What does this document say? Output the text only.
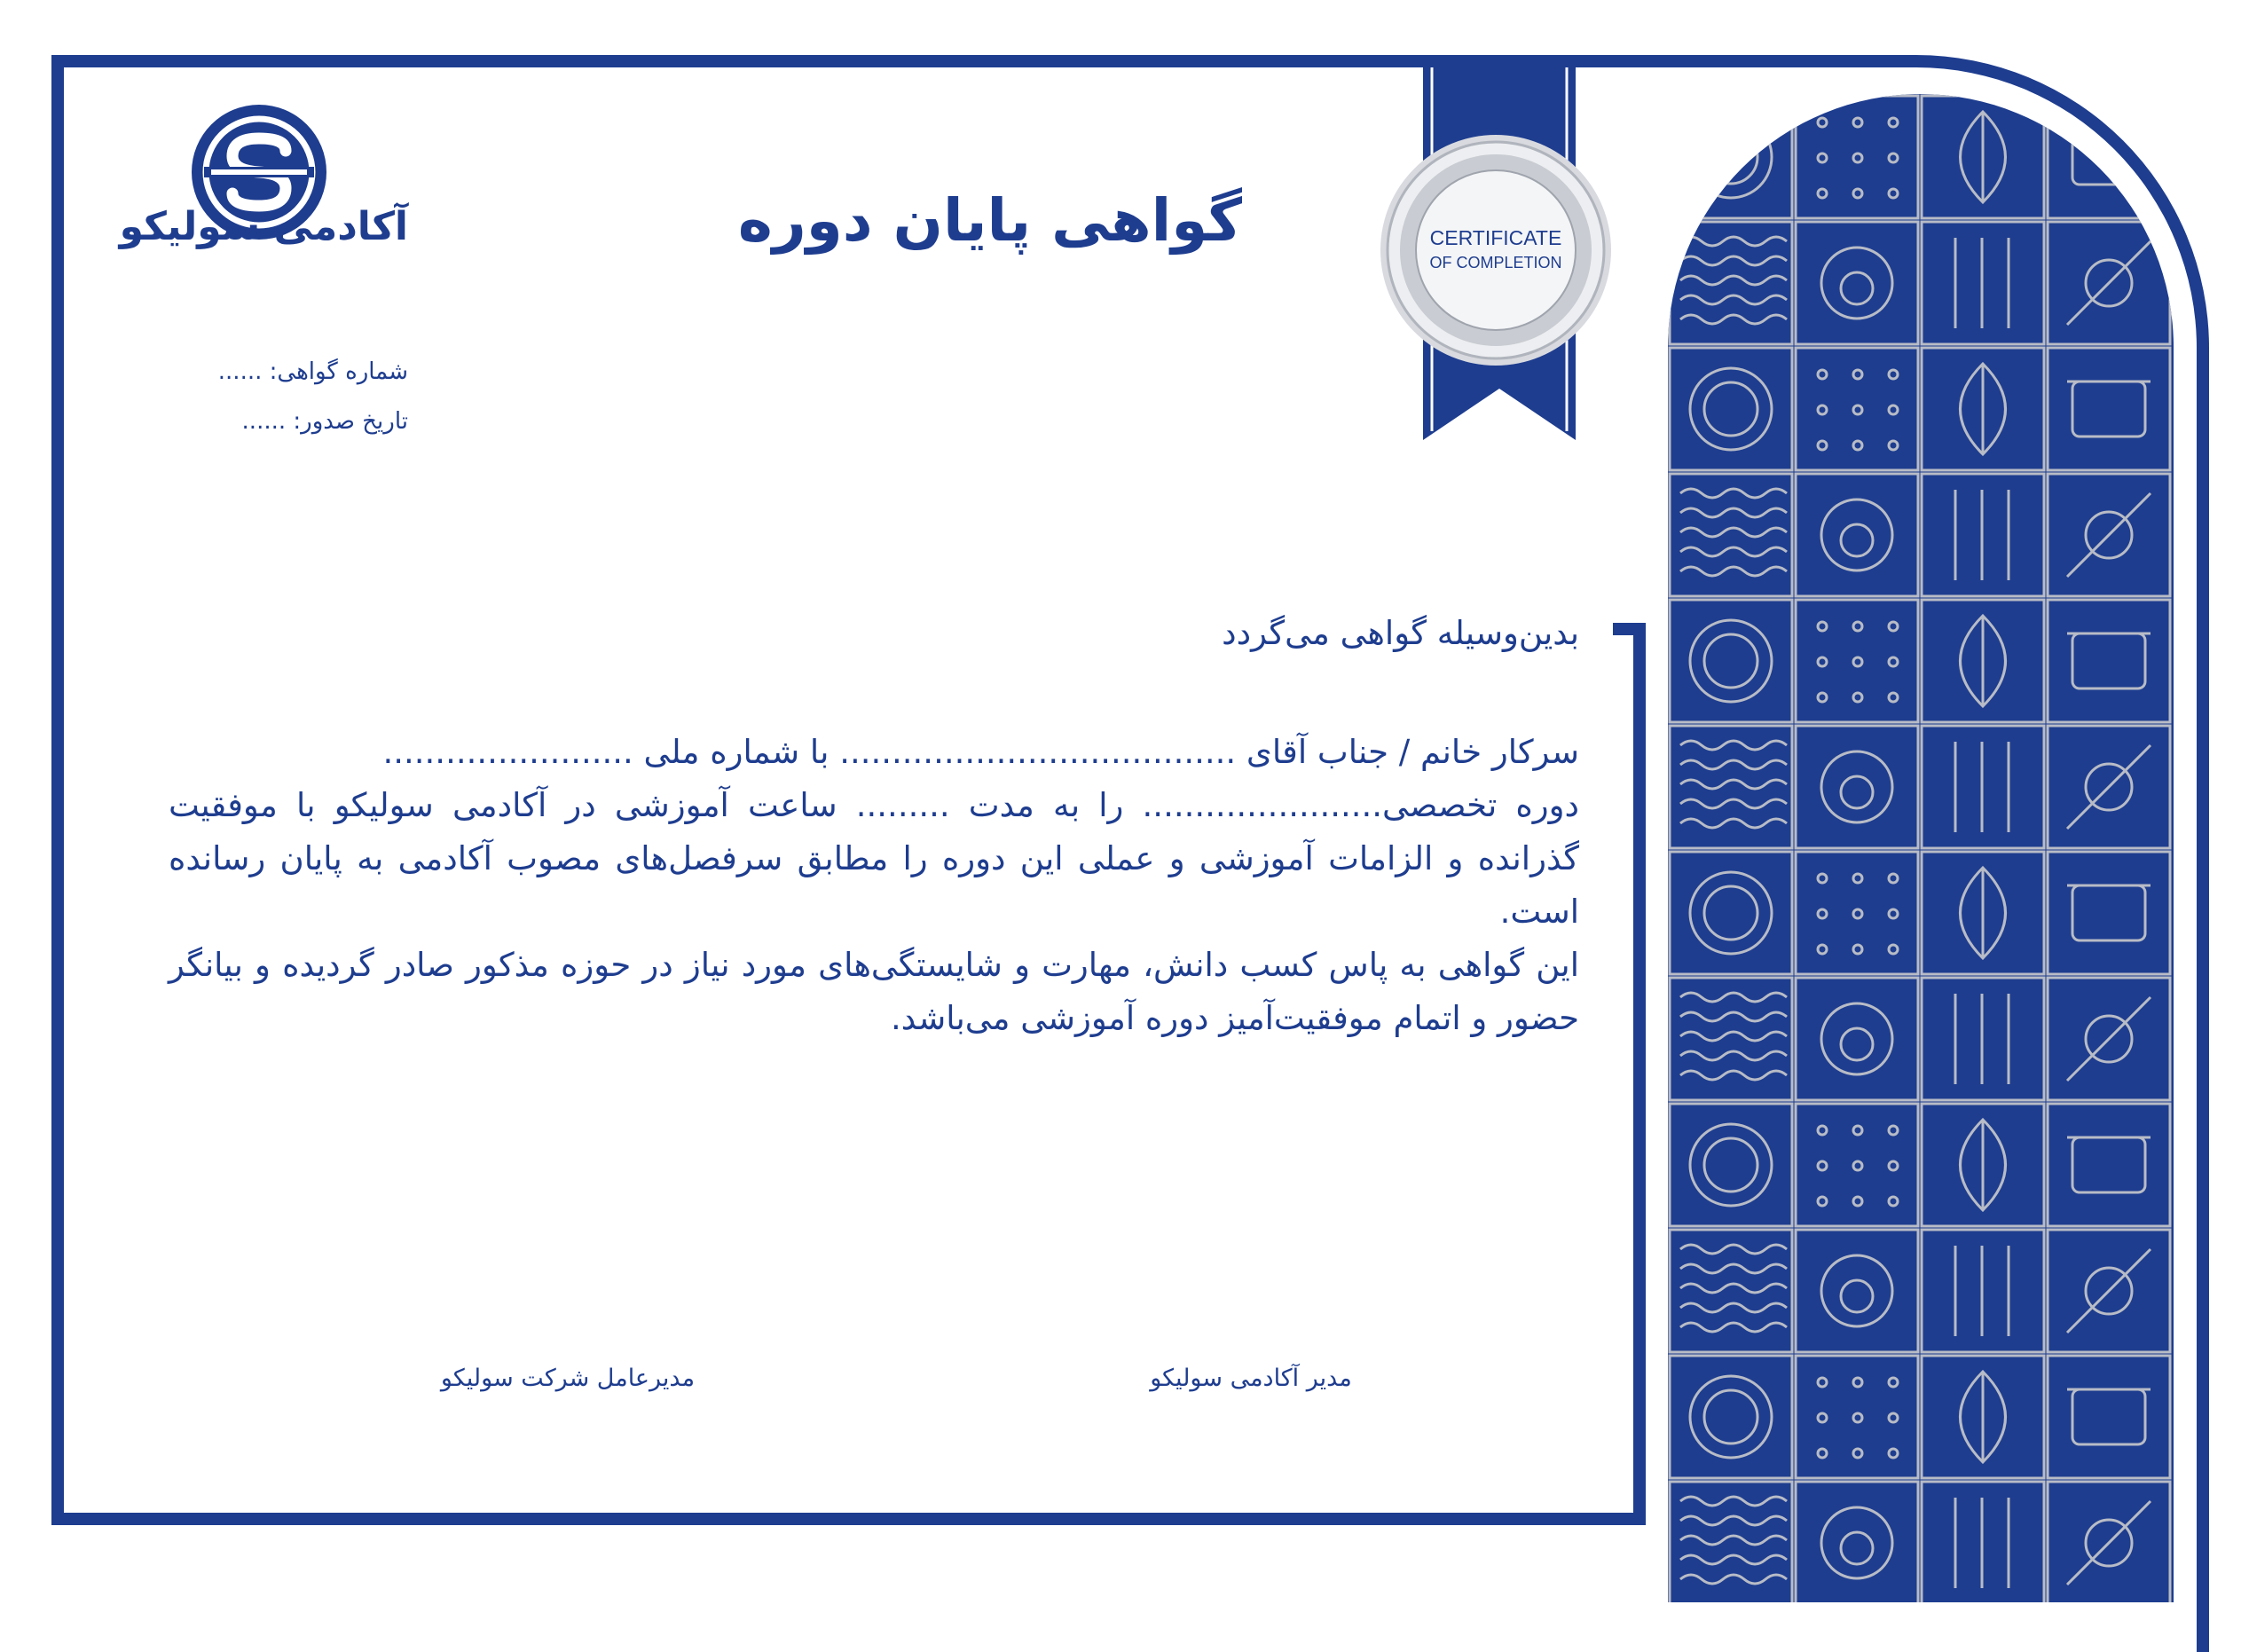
آکادمی سولیکو
شماره گواهی: ......
تاریخ صدور: ......
گواهی پایان دوره	CERTIFICATE
OF COMPLETION
بدین‌وسیله گواهی می‌گردد

سرکار خانم / جناب آقای ...................................... با شماره ملی ........................

دوره تخصصی....................... را به مدت ......... ساعت آموزشی در آکادمی سولیکو با موفقیت گذرانده و الزامات آموزشی و عملی این دوره را مطابق سرفصل‌های مصوب آکادمی به پایان رسانده است.

این گواهی به پاس کسب دانش، مهارت و شایستگی‌های مورد نیاز در حوزه مذکور صادر گردیده و بیانگر حضور و اتمام موفقیت‌آمیز دوره آموزشی می‌باشد.

مدیرعامل شرکت سولیکو	مدیر آکادمی سولیکو
